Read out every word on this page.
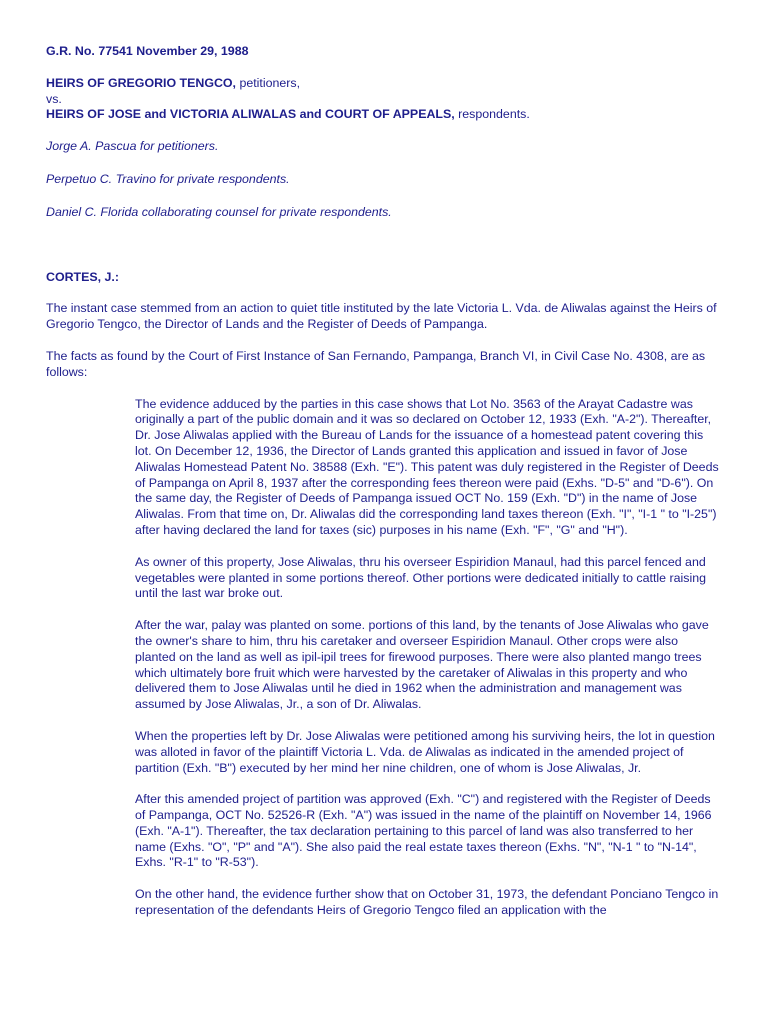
G.R. No. 77541 November 29, 1988

HEIRS OF GREGORIO TENGCO, petitioners,

vs.

HEIRS OF JOSE and VICTORIA ALIWALAS and COURT OF APPEALS, respondents.

Jorge A. Pascua for petitioners.

Perpetuo C. Travino for private respondents.

Daniel C. Florida collaborating counsel for private respondents.

CORTES, J.:

The instant case stemmed from an action to quiet title instituted by the late Victoria L. Vda. de Aliwalas against the Heirs of Gregorio Tengco, the Director of Lands and the Register of Deeds of Pampanga.

The facts as found by the Court of First Instance of San Fernando, Pampanga, Branch VI, in Civil Case No. 4308, are as follows:

The evidence adduced by the parties in this case shows that Lot No. 3563 of the Arayat Cadastre was originally a part of the public domain and it was so declared on October 12, 1933 (Exh. "A-2"). Thereafter, Dr. Jose Aliwalas applied with the Bureau of Lands for the issuance of a homestead patent covering this lot. On December 12, 1936, the Director of Lands granted this application and issued in favor of Jose Aliwalas Homestead Patent No. 38588 (Exh. "E"). This patent was duly registered in the Register of Deeds of Pampanga on April 8, 1937 after the corresponding fees thereon were paid (Exhs. "D-5" and "D-6"). On the same day, the Register of Deeds of Pampanga issued OCT No. 159 (Exh. "D") in the name of Jose Aliwalas. From that time on, Dr. Aliwalas did the corresponding land taxes thereon (Exh. "I", "I-1 " to "I-25") after having declared the land for taxes (sic) purposes in his name (Exh. "F", "G" and "H").

As owner of this property, Jose Aliwalas, thru his overseer Espiridion Manaul, had this parcel fenced and vegetables were planted in some portions thereof. Other portions were dedicated initially to cattle raising until the last war broke out.

After the war, palay was planted on some. portions of this land, by the tenants of Jose Aliwalas who gave the owner's share to him, thru his caretaker and overseer Espiridion Manaul. Other crops were also planted on the land as well as ipil-ipil trees for firewood purposes. There were also planted mango trees which ultimately bore fruit which were harvested by the caretaker of Aliwalas in this property and who delivered them to Jose Aliwalas until he died in 1962 when the administration and management was assumed by Jose Aliwalas, Jr., a son of Dr. Aliwalas.

When the properties left by Dr. Jose Aliwalas were petitioned among his surviving heirs, the lot in question was alloted in favor of the plaintiff Victoria L. Vda. de Aliwalas as indicated in the amended project of partition (Exh. "B") executed by her mind her nine children, one of whom is Jose Aliwalas, Jr.

After this amended project of partition was approved (Exh. "C") and registered with the Register of Deeds of Pampanga, OCT No. 52526-R (Exh. "A") was issued in the name of the plaintiff on November 14, 1966 (Exh. "A-1"). Thereafter, the tax declaration pertaining to this parcel of land was also transferred to her name (Exhs. "O", "P" and "A"). She also paid the real estate taxes thereon (Exhs. "N", "N-1 " to "N-14", Exhs. "R-1" to "R-53").

On the other hand, the evidence further show that on October 31, 1973, the defendant Ponciano Tengco in representation of the defendants Heirs of Gregorio Tengco filed an application with the
